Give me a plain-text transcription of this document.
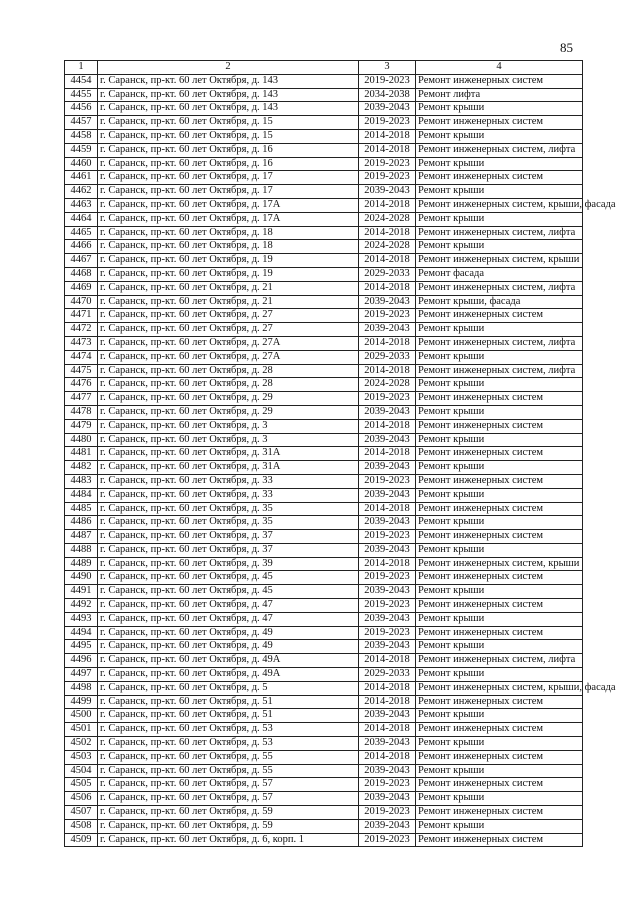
85
1	2	3	4
4454	г. Саранск, пр-кт. 60 лет Октября, д. 143	2019-2023	Ремонт инженерных систем
4455	г. Саранск, пр-кт. 60 лет Октября, д. 143	2034-2038	Ремонт лифта
4456	г. Саранск, пр-кт. 60 лет Октября, д. 143	2039-2043	Ремонт крыши
4457	г. Саранск, пр-кт. 60 лет Октября, д. 15	2019-2023	Ремонт инженерных систем
4458	г. Саранск, пр-кт. 60 лет Октября, д. 15	2014-2018	Ремонт крыши
4459	г. Саранск, пр-кт. 60 лет Октября, д. 16	2014-2018	Ремонт инженерных систем, лифта
4460	г. Саранск, пр-кт. 60 лет Октября, д. 16	2019-2023	Ремонт крыши
4461	г. Саранск, пр-кт. 60 лет Октября, д. 17	2019-2023	Ремонт инженерных систем
4462	г. Саранск, пр-кт. 60 лет Октября, д. 17	2039-2043	Ремонт крыши
4463	г. Саранск, пр-кт. 60 лет Октября, д. 17А	2014-2018	Ремонт инженерных систем, крыши, фасада
4464	г. Саранск, пр-кт. 60 лет Октября, д. 17А	2024-2028	Ремонт крыши
4465	г. Саранск, пр-кт. 60 лет Октября, д. 18	2014-2018	Ремонт инженерных систем, лифта
4466	г. Саранск, пр-кт. 60 лет Октября, д. 18	2024-2028	Ремонт крыши
4467	г. Саранск, пр-кт. 60 лет Октября, д. 19	2014-2018	Ремонт инженерных систем, крыши
4468	г. Саранск, пр-кт. 60 лет Октября, д. 19	2029-2033	Ремонт фасада
4469	г. Саранск, пр-кт. 60 лет Октября, д. 21	2014-2018	Ремонт инженерных систем, лифта
4470	г. Саранск, пр-кт. 60 лет Октября, д. 21	2039-2043	Ремонт крыши, фасада
4471	г. Саранск, пр-кт. 60 лет Октября, д. 27	2019-2023	Ремонт инженерных систем
4472	г. Саранск, пр-кт. 60 лет Октября, д. 27	2039-2043	Ремонт крыши
4473	г. Саранск, пр-кт. 60 лет Октября, д. 27А	2014-2018	Ремонт инженерных систем, лифта
4474	г. Саранск, пр-кт. 60 лет Октября, д. 27А	2029-2033	Ремонт крыши
4475	г. Саранск, пр-кт. 60 лет Октября, д. 28	2014-2018	Ремонт инженерных систем, лифта
4476	г. Саранск, пр-кт. 60 лет Октября, д. 28	2024-2028	Ремонт крыши
4477	г. Саранск, пр-кт. 60 лет Октября, д. 29	2019-2023	Ремонт инженерных систем
4478	г. Саранск, пр-кт. 60 лет Октября, д. 29	2039-2043	Ремонт крыши
4479	г. Саранск, пр-кт. 60 лет Октября, д. 3	2014-2018	Ремонт инженерных систем
4480	г. Саранск, пр-кт. 60 лет Октября, д. 3	2039-2043	Ремонт крыши
4481	г. Саранск, пр-кт. 60 лет Октября, д. 31А	2014-2018	Ремонт инженерных систем
4482	г. Саранск, пр-кт. 60 лет Октября, д. 31А	2039-2043	Ремонт крыши
4483	г. Саранск, пр-кт. 60 лет Октября, д. 33	2019-2023	Ремонт инженерных систем
4484	г. Саранск, пр-кт. 60 лет Октября, д. 33	2039-2043	Ремонт крыши
4485	г. Саранск, пр-кт. 60 лет Октября, д. 35	2014-2018	Ремонт инженерных систем
4486	г. Саранск, пр-кт. 60 лет Октября, д. 35	2039-2043	Ремонт крыши
4487	г. Саранск, пр-кт. 60 лет Октября, д. 37	2019-2023	Ремонт инженерных систем
4488	г. Саранск, пр-кт. 60 лет Октября, д. 37	2039-2043	Ремонт крыши
4489	г. Саранск, пр-кт. 60 лет Октября, д. 39	2014-2018	Ремонт инженерных систем, крыши
4490	г. Саранск, пр-кт. 60 лет Октября, д. 45	2019-2023	Ремонт инженерных систем
4491	г. Саранск, пр-кт. 60 лет Октября, д. 45	2039-2043	Ремонт крыши
4492	г. Саранск, пр-кт. 60 лет Октября, д. 47	2019-2023	Ремонт инженерных систем
4493	г. Саранск, пр-кт. 60 лет Октября, д. 47	2039-2043	Ремонт крыши
4494	г. Саранск, пр-кт. 60 лет Октября, д. 49	2019-2023	Ремонт инженерных систем
4495	г. Саранск, пр-кт. 60 лет Октября, д. 49	2039-2043	Ремонт крыши
4496	г. Саранск, пр-кт. 60 лет Октября, д. 49А	2014-2018	Ремонт инженерных систем, лифта
4497	г. Саранск, пр-кт. 60 лет Октября, д. 49А	2029-2033	Ремонт крыши
4498	г. Саранск, пр-кт. 60 лет Октября, д. 5	2014-2018	Ремонт инженерных систем, крыши, фасада
4499	г. Саранск, пр-кт. 60 лет Октября, д. 51	2014-2018	Ремонт инженерных систем
4500	г. Саранск, пр-кт. 60 лет Октября, д. 51	2039-2043	Ремонт крыши
4501	г. Саранск, пр-кт. 60 лет Октября, д. 53	2014-2018	Ремонт инженерных систем
4502	г. Саранск, пр-кт. 60 лет Октября, д. 53	2039-2043	Ремонт крыши
4503	г. Саранск, пр-кт. 60 лет Октября, д. 55	2014-2018	Ремонт инженерных систем
4504	г. Саранск, пр-кт. 60 лет Октября, д. 55	2039-2043	Ремонт крыши
4505	г. Саранск, пр-кт. 60 лет Октября, д. 57	2019-2023	Ремонт инженерных систем
4506	г. Саранск, пр-кт. 60 лет Октября, д. 57	2039-2043	Ремонт крыши
4507	г. Саранск, пр-кт. 60 лет Октября, д. 59	2019-2023	Ремонт инженерных систем
4508	г. Саранск, пр-кт. 60 лет Октября, д. 59	2039-2043	Ремонт крыши
4509	г. Саранск, пр-кт. 60 лет Октября, д. 6, корп. 1	2019-2023	Ремонт инженерных систем
